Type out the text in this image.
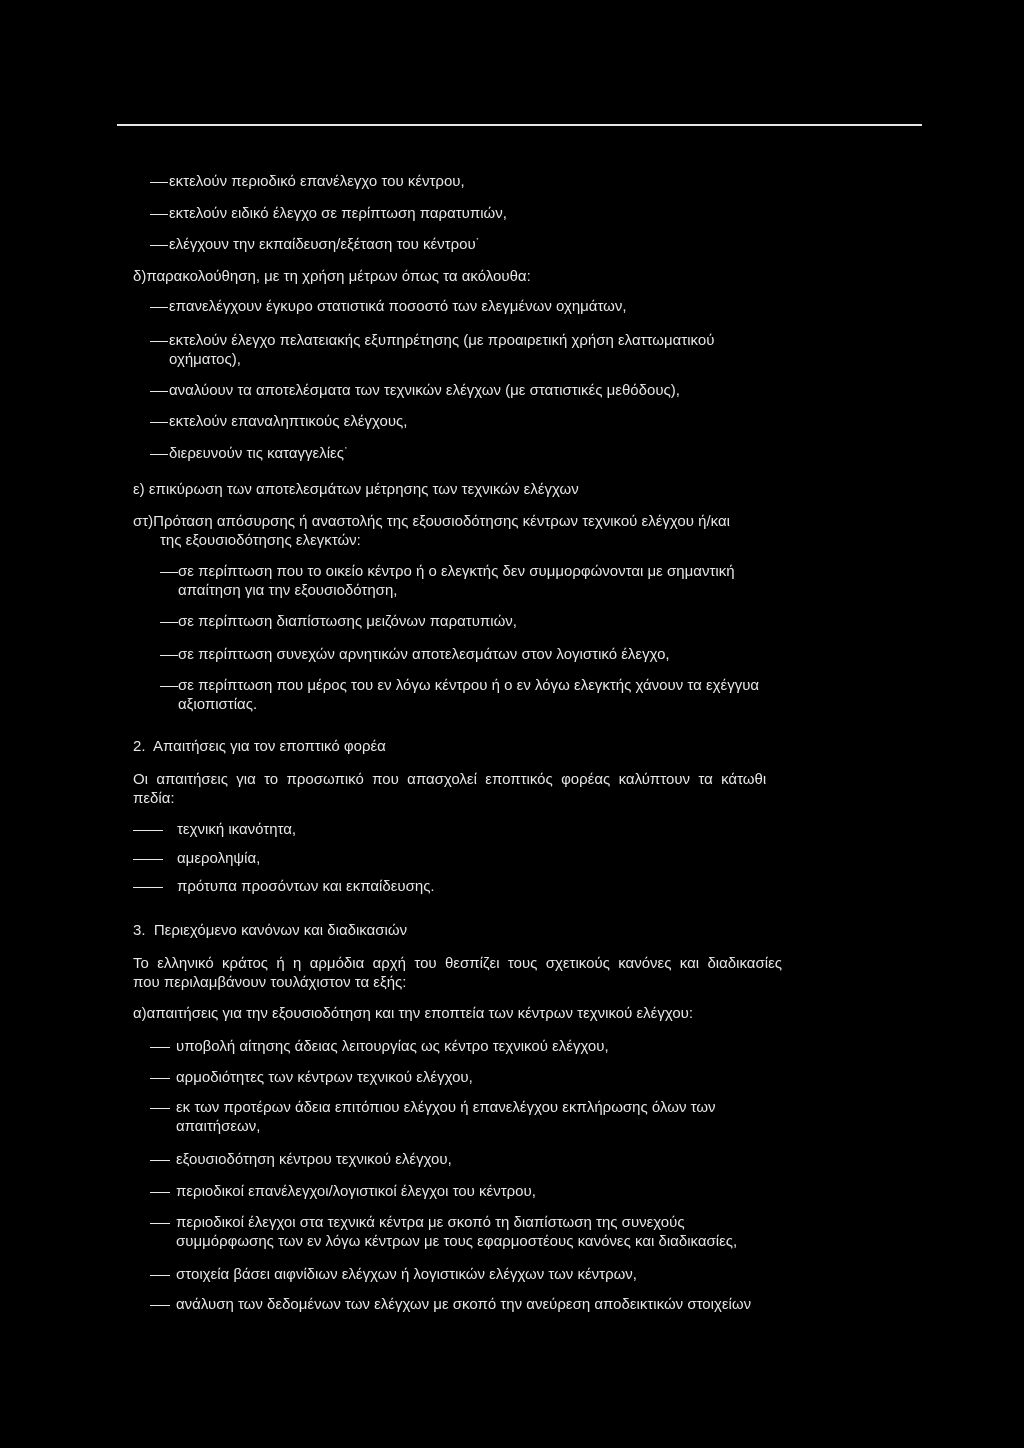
εκτελούν περιοδικό επανέλεγχο του κέντρου,

εκτελούν ειδικό έλεγχο σε περίπτωση παρατυπιών,

ελέγχουν την εκπαίδευση/εξέταση του κέντρου˙

δ)παρακολούθηση, με τη χρήση μέτρων όπως τα ακόλουθα:

επανελέγχουν έγκυρο στατιστικά ποσοστό των ελεγμένων οχημάτων,

εκτελούν έλεγχο πελατειακής εξυπηρέτησης (με προαιρετική χρήση ελαττωματικού

οχήματος),

αναλύουν τα αποτελέσματα των τεχνικών ελέγχων (με στατιστικές μεθόδους),

εκτελούν επαναληπτικούς ελέγχους,

διερευνούν τις καταγγελίες˙

ε) επικύρωση των αποτελεσμάτων μέτρησης των τεχνικών ελέγχων

στ)Πρόταση απόσυρσης ή αναστολής της εξουσιοδότησης κέντρων τεχνικού ελέγχου ή/και

της εξουσιοδότησης ελεγκτών:

σε περίπτωση που το οικείο κέντρο ή ο ελεγκτής δεν συμμορφώνονται με σημαντική

απαίτηση για την εξουσιοδότηση,

σε περίπτωση διαπίστωσης μειζόνων παρατυπιών,

σε περίπτωση συνεχών αρνητικών αποτελεσμάτων στον λογιστικό έλεγχο,

σε περίπτωση που μέρος του εν λόγω κέντρου ή ο εν λόγω ελεγκτής χάνουν τα εχέγγυα

αξιοπιστίας.

2.  Απαιτήσεις για τον εποπτικό φορέα

Οι  απαιτήσεις  για  το  προσωπικό  που  απασχολεί  εποπτικός  φορέας  καλύπτουν  τα  κάτωθι

πεδία:

τεχνική ικανότητα,

αμεροληψία,

πρότυπα προσόντων και εκπαίδευσης.

3.  Περιεχόμενο κανόνων και διαδικασιών

Το  ελληνικό  κράτος  ή  η  αρμόδια  αρχή  του  θεσπίζει  τους  σχετικούς  κανόνες  και  διαδικασίες

που περιλαμβάνουν τουλάχιστον τα εξής:

α)απαιτήσεις για την εξουσιοδότηση και την εποπτεία των κέντρων τεχνικού ελέγχου:

υποβολή αίτησης άδειας λειτουργίας ως κέντρο τεχνικού ελέγχου,

αρμοδιότητες των κέντρων τεχνικού ελέγχου,

εκ των προτέρων άδεια επιτόπιου ελέγχου ή επανελέγχου εκπλήρωσης όλων των

απαιτήσεων,

εξουσιοδότηση κέντρου τεχνικού ελέγχου,

περιοδικοί επανέλεγχοι/λογιστικοί έλεγχοι του κέντρου,

περιοδικοί έλεγχοι στα τεχνικά κέντρα με σκοπό τη διαπίστωση της συνεχούς

συμμόρφωσης των εν λόγω κέντρων με τους εφαρμοστέους κανόνες και διαδικασίες,

στοιχεία βάσει αιφνίδιων ελέγχων ή λογιστικών ελέγχων των κέντρων,

ανάλυση των δεδομένων των ελέγχων με σκοπό την ανεύρεση αποδεικτικών στοιχείων
